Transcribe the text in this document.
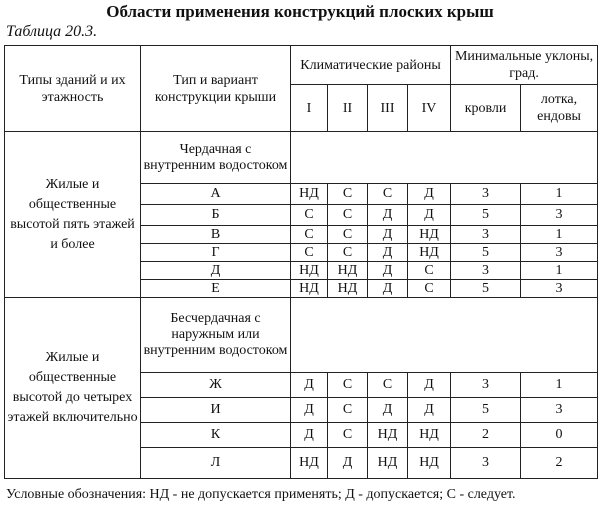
Области применения конструкций плоских крыш
Таблица 20.3.
Типы зданий и их этажность	Тип и вариант конструкции крыши	Климатические районы				Минимальные уклоны, град.	
		I	II	III	IV	кровли	лотка, ендовы
Жилые и общественные высотой пять этажей и более	Чердачная с внутренним водостоком						
	А	НД	С	С	Д	3	1
	Б	С	С	Д	Д	5	3
	В	С	С	Д	НД	3	1
	Г	С	С	Д	НД	5	3
	Д	НД	НД	Д	С	3	1
	Е	НД	НД	Д	С	5	3
Жилые и общественные высотой до четырех этажей включительно	Бесчердачная с наружным или внутренним водостоком						
	Ж	Д	С	С	Д	3	1
	И	Д	С	Д	Д	5	3
	К	Д	С	НД	НД	2	0
	Л	НД	Д	НД	НД	3	2
Условные обозначения: НД - не допускается применять; Д - допускается; С - следует.
